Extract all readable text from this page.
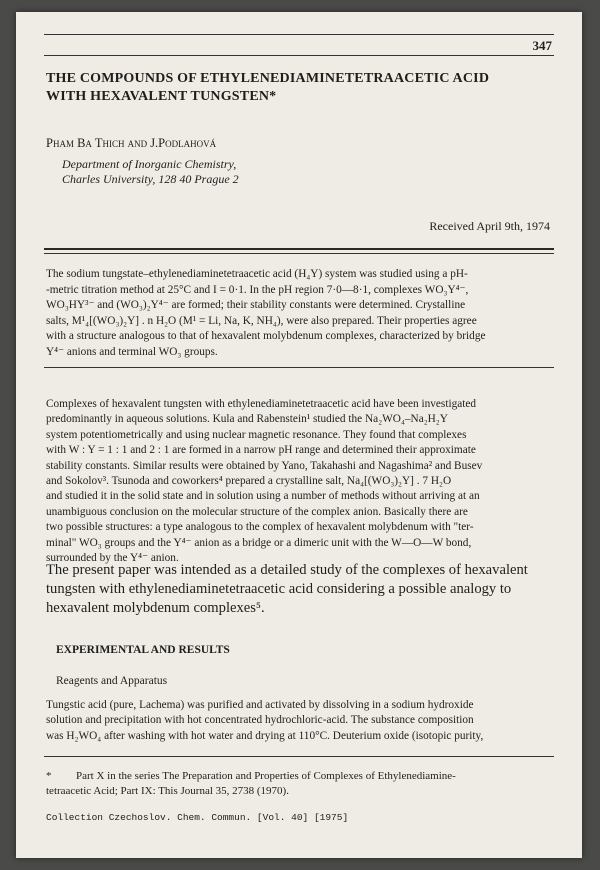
347
THE COMPOUNDS OF ETHYLENEDIAMINETETRAACETIC ACID
WITH HEXAVALENT TUNGSTEN*
Pham Ba Thich and J.Podlahová
Department of Inorganic Chemistry,
Charles University, 128 40 Prague 2
Received April 9th, 1974
The sodium tungstate–ethylenediaminetetraacetic acid (H₄Y) system was studied using a pH-
-metric titration method at 25°C and I = 0·1. In the pH region 7·0—8·1, complexes WO₃Y⁴⁻,
WO₃HY³⁻ and (WO₃)₂Y⁴⁻ are formed; their stability constants were determined. Crystalline
salts, M¹₄[(WO₃)₂Y] . n H₂O (M¹ = Li, Na, K, NH₄), were also prepared. Their properties agree
with a structure analogous to that of hexavalent molybdenum complexes, characterized by bridge
Y⁴⁻ anions and terminal WO₃ groups.
Complexes of hexavalent tungsten with ethylenediaminetetraacetic acid have been investigated
predominantly in aqueous solutions. Kula and Rabenstein¹ studied the Na₂WO₄–Na₂H₂Y
system potentiometrically and using nuclear magnetic resonance. They found that complexes
with W : Y = 1 : 1 and 2 : 1 are formed in a narrow pH range and determined their approximate
stability constants. Similar results were obtained by Yano, Takahashi and Nagashima² and Busev
and Sokolov³. Tsunoda and coworkers⁴ prepared a crystalline salt, Na₄[(WO₃)₂Y] . 7 H₂O
and studied it in the solid state and in solution using a number of methods without arriving at an
unambiguous conclusion on the molecular structure of the complex anion. Basically there are
two possible structures: a type analogous to the complex of hexavalent molybdenum with "ter-
minal" WO₃ groups and the Y⁴⁻ anion as a bridge or a dimeric unit with the W—O—W bond,
surrounded by the Y⁴⁻ anion.
The present paper was intended as a detailed study of the complexes of hexavalent
tungsten with ethylenediaminetetraacetic acid considering a possible analogy to
hexavalent molybdenum complexes⁵.
EXPERIMENTAL AND RESULTS
Reagents and Apparatus
Tungstic acid (pure, Lachema) was purified and activated by dissolving in a sodium hydroxide
solution and precipitation with hot concentrated hydrochloric-acid. The substance composition
was H₂WO₄ after washing with hot water and drying at 110°C. Deuterium oxide (isotopic purity,
* Part X in the series The Preparation and Properties of Complexes of Ethylenediamine-
tetraacetic Acid; Part IX: This Journal 35, 2738 (1970).
Collection Czechoslov. Chem. Commun. [Vol. 40] [1975]
